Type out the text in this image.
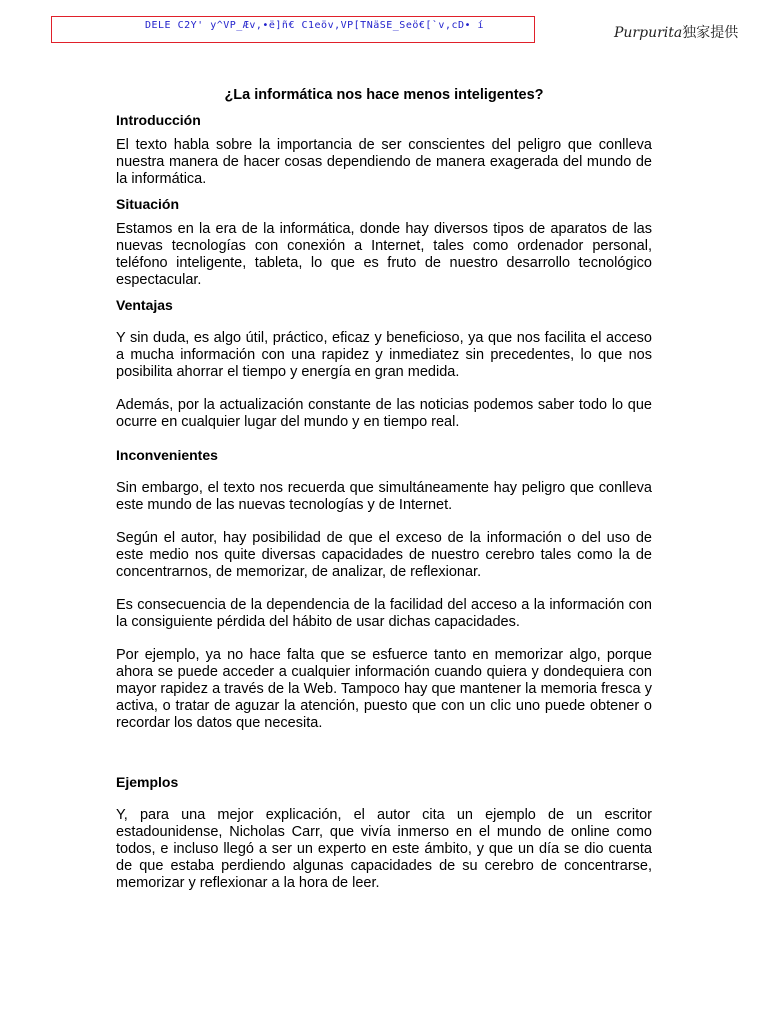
DELE C2Y' y^VP_Æv‚•ë]ñ€ C1eöv‚VP[TNäSE_Seö€[`v‚cD• í	Purpurita独家提供
¿La informática nos hace menos inteligentes?
Introducción

El texto habla sobre la importancia de ser conscientes del peligro que conlleva nuestra manera de hacer cosas dependiendo de manera exagerada del mundo de la informática.

Situación

Estamos en la era de la informática, donde hay diversos tipos de aparatos de las nuevas tecnologías con conexión a Internet, tales como ordenador personal, teléfono inteligente, tableta, lo que es fruto de nuestro desarrollo tecnológico espectacular.

Ventajas

Y sin duda, es algo útil, práctico, eficaz y beneficioso, ya que nos facilita el acceso a mucha información con una rapidez y inmediatez sin precedentes, lo que nos posibilita ahorrar el tiempo y energía en gran medida.

Además, por la actualización constante de las noticias podemos saber todo lo que ocurre en cualquier lugar del mundo y en tiempo real.

Inconvenientes

Sin embargo, el texto nos recuerda que simultáneamente hay peligro que conlleva este mundo de las nuevas tecnologías y de Internet.

Según el autor, hay posibilidad de que el exceso de la información o del uso de este medio nos quite diversas capacidades de nuestro cerebro tales como la de concentrarnos, de memorizar, de analizar, de reflexionar.

Es consecuencia de la dependencia de la facilidad del acceso a la información con la consiguiente pérdida del hábito de usar dichas capacidades.

Por ejemplo, ya no hace falta que se esfuerce tanto en memorizar algo, porque ahora se puede acceder a cualquier información cuando quiera y dondequiera con mayor rapidez a través de la Web. Tampoco hay que mantener la memoria fresca y activa, o tratar de aguzar la atención, puesto que con un clic uno puede obtener o recordar los datos que necesita.

Ejemplos

Y, para una mejor explicación, el autor cita un ejemplo de un escritor estadounidense, Nicholas Carr, que vivía inmerso en el mundo de online como todos, e incluso llegó a ser un experto en este ámbito, y que un día se dio cuenta de que estaba perdiendo algunas capacidades de su cerebro de concentrarse, memorizar y reflexionar a la hora de leer.
